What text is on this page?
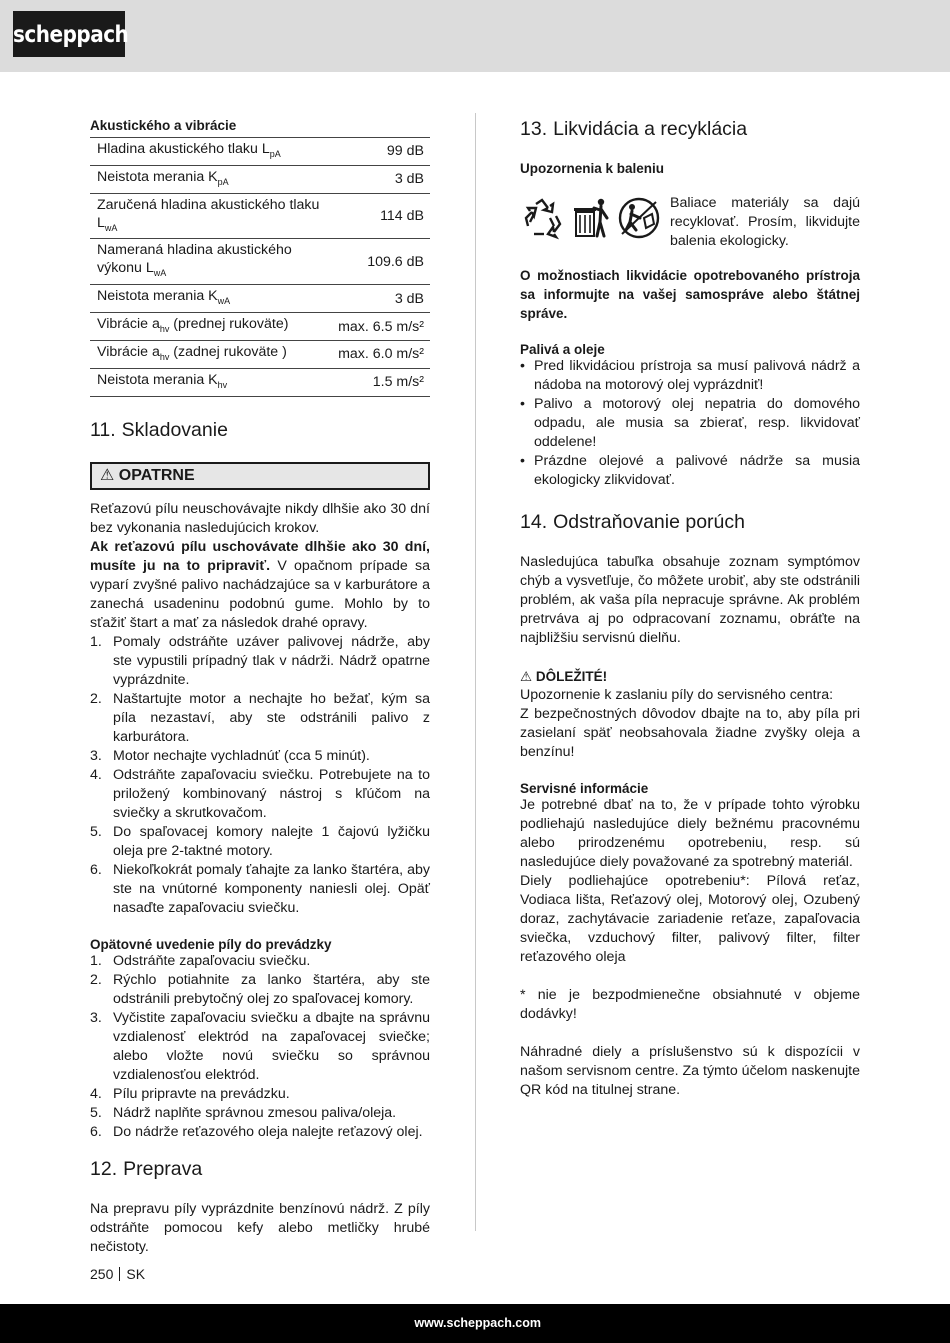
scheppach
Akustického a vibrácie
Hladina akustického tlaku $L_{pA}$	99 dB
Neistota merania $K_{pA}$	3 dB
Zaručená hladina akustického tlaku $L_{wA}$	114 dB
Nameraná hladina akustického výkonu $L_{wA}$	109.6 dB
Neistota merania $K_{wA}$	3 dB
Vibrácie $a_{hv}$ (prednej rukoväte)	max. 6.5 m/s²
Vibrácie $a_{hv}$ (zadnej rukoväte )	max. 6.0 m/s²
Neistota merania $K_{hv}$	1.5 m/s²
11. Skladovanie
⚠ OPATRNE

Reťazovú pílu neuschovávajte nikdy dlhšie ako 30 dní bez vykonania nasledujúcich krokov.

Ak reťazovú pílu uschovávate dlhšie ako 30 dní, musíte ju na to pripraviť. V opačnom prípade sa vyparí zvyšné palivo nachádzajúce sa v karburátore a zanechá usadeninu podobnú gume. Mohlo by to sťažiť štart a mať za následok drahé opravy.

1. Pomaly odstráňte uzáver palivovej nádrže, aby ste vypustili prípadný tlak v nádrži. Nádrž opatrne vyprázdnite.
2. Naštartujte motor a nechajte ho bežať, kým sa píla nezastaví, aby ste odstránili palivo z karburátora.
3. Motor nechajte vychladnúť (cca 5 minút).
4. Odstráňte zapaľovaciu sviečku. Potrebujete na to priložený kombinovaný nástroj s kľúčom na sviečky a skrutkovačom.
5. Do spaľovacej komory nalejte 1 čajovú lyžičku oleja pre 2-taktné motory.
6. Niekoľkokrát pomaly ťahajte za lanko štartéra, aby ste na vnútorné komponenty naniesli olej. Opäť nasaďte zapaľovaciu sviečku.
Opätovné uvedenie píly do prevádzky
1. Odstráňte zapaľovaciu sviečku.
2. Rýchlo potiahnite za lanko štartéra, aby ste odstránili prebytočný olej zo spaľovacej komory.
3. Vyčistite zapaľovaciu sviečku a dbajte na správnu vzdialenosť elektród na zapaľovacej sviečke; alebo vložte novú sviečku so správnou vzdialenosťou elektród.
4. Pílu pripravte na prevádzku.
5. Nádrž naplňte správnou zmesou paliva/oleja.
6. Do nádrže reťazového oleja nalejte reťazový olej.
12. Preprava

Na prepravu píly vyprázdnite benzínovú nádrž. Z píly odstráňte pomocou kefy alebo metličky hrubé nečistoty.

13. Likvidácia a recyklácia
Upozornenia k baleniu

Baliace materiály sa dajú recyklovať. Prosím, likvidujte balenia ekologicky.

O možnostiach likvidácie opotrebovaného prístroja sa informujte na vašej samospráve alebo štátnej správe.

Palivá a oleje
• Pred likvidáciou prístroja sa musí palivová nádrž a nádoba na motorový olej vyprázdniť!
• Palivo a motorový olej nepatria do domového odpadu, ale musia sa zbierať, resp. likvidovať oddelene!
• Prázdne olejové a palivové nádrže sa musia ekologicky zlikvidovať.
14. Odstraňovanie porúch

Nasledujúca tabuľka obsahuje zoznam symptómov chýb a vysvetľuje, čo môžete urobiť, aby ste odstránili problém, ak vaša píla nepracuje správne. Ak problém pretrváva aj po odpracovaní zoznamu, obráťte na najbližšiu servisnú dielňu.

⚠ DÔLEŽITÉ!

Upozornenie k zaslaniu píly do servisného centra:

Z bezpečnostných dôvodov dbajte na to, aby píla pri zasielaní späť neobsahovala žiadne zvyšky oleja a benzínu!

Servisné informácie

Je potrebné dbať na to, že v prípade tohto výrobku podliehajú nasledujúce diely bežnému pracovnému alebo prirodzenému opotrebeniu, resp. sú nasledujúce diely považované za spotrebný materiál.

Diely podliehajúce opotrebeniu*: Pílová reťaz, Vodiaca lišta, Reťazový olej, Motorový olej, Ozubený doraz, zachytávacie zariadenie reťaze, zapaľovacia sviečka, vzduchový filter, palivový filter, filter reťazového oleja

* nie je bezpodmienečne obsiahnuté v objeme dodávky!

Náhradné diely a príslušenstvo sú k dispozícii v našom servisnom centre. Za týmto účelom naskenujte QR kód na titulnej strane.

250 SK
www.scheppach.com
